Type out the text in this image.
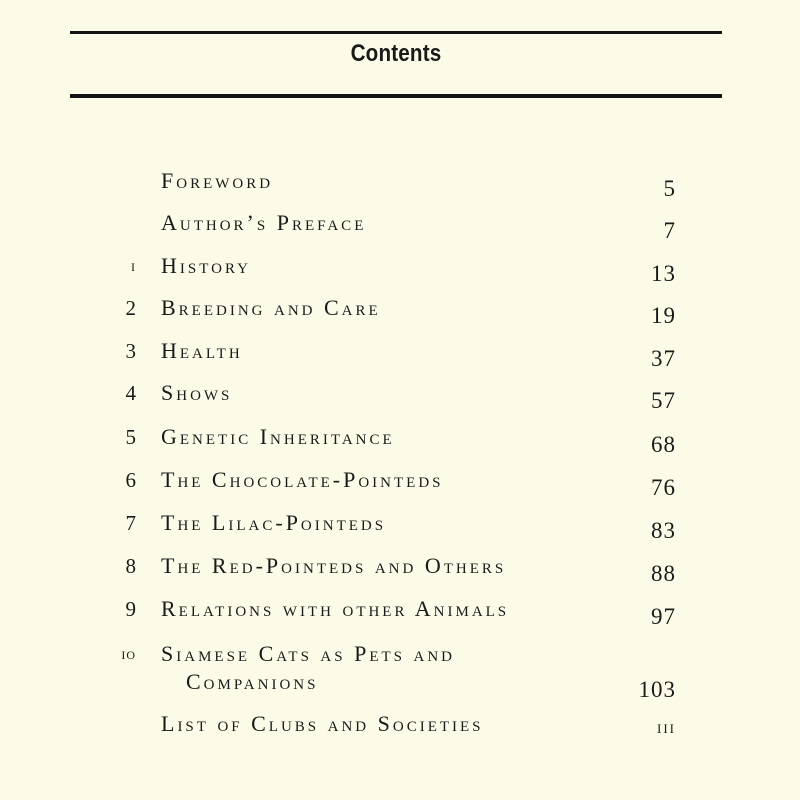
Contents
Foreword	5
Author’s Preface	7
i History	13
2 Breeding and Care	19
3 Health	37
4 Shows	57
5 Genetic Inheritance	68
6 The Chocolate-Pointeds	76
7 The Lilac-Pointeds	83
8 The Red-Pointeds and Others	88
9 Relations with other Animals	97
io Siamese Cats as Pets and
Companions	103
List of Clubs and Societies	iii
